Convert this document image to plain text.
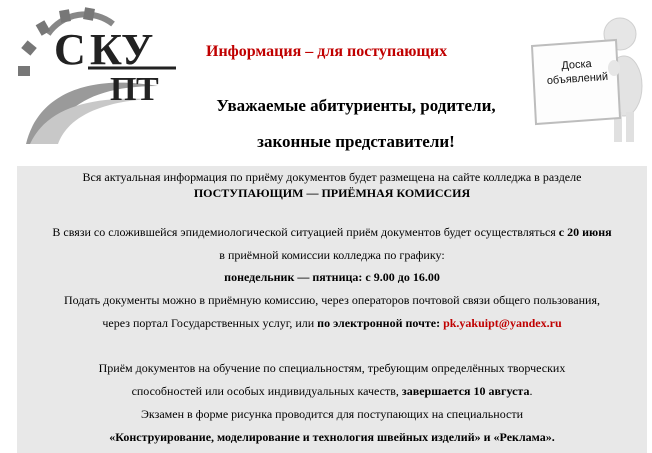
С КУ
П Т
Информация – для поступающих
Уважаемые абитуриенты, родители,
законные представители!
Доска
объявлений
Вся актуальная информация по приёму документов будет размещена на сайте колледжа в разделе
ПОСТУПАЮЩИМ — ПРИЁМНАЯ КОМИССИЯ
В связи со сложившейся эпидемиологической ситуацией приём документов будет осуществляться с 20 июня
в приёмной комиссии колледжа по графику:
понедельник — пятница: с 9.00 до 16.00
Подать документы можно в приёмную комиссию, через операторов почтовой связи общего пользования,
через портал Государственных услуг, или по электронной почте: pk.yakuipt@yandex.ru
Приём документов на обучение по специальностям, требующим определённых творческих
способностей или особых индивидуальных качеств, завершается 10 августа.
Экзамен в форме рисунка проводится для поступающих на специальности
«Конструирование, моделирование и технология швейных изделий» и «Реклама».
